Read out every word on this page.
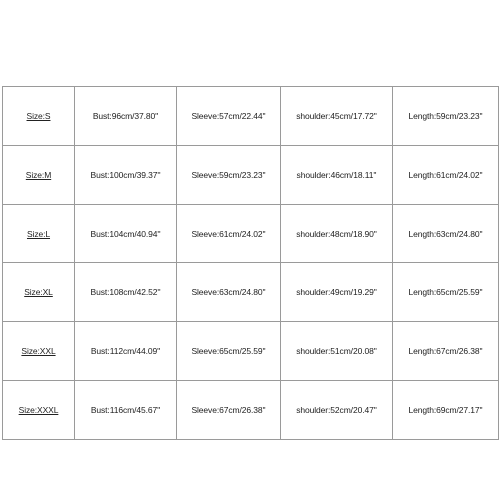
Size:S	Bust:96cm/37.80''	Sleeve:57cm/22.44''	shoulder:45cm/17.72''	Length:59cm/23.23''
Size:M	Bust:100cm/39.37''	Sleeve:59cm/23.23''	shoulder:46cm/18.11''	Length:61cm/24.02''
Size:L	Bust:104cm/40.94''	Sleeve:61cm/24.02''	shoulder:48cm/18.90''	Length:63cm/24.80''
Size:XL	Bust:108cm/42.52''	Sleeve:63cm/24.80''	shoulder:49cm/19.29''	Length:65cm/25.59''
Size:XXL	Bust:112cm/44.09''	Sleeve:65cm/25.59''	shoulder:51cm/20.08''	Length:67cm/26.38''
Size:XXXL	Bust:116cm/45.67''	Sleeve:67cm/26.38''	shoulder:52cm/20.47''	Length:69cm/27.17''
